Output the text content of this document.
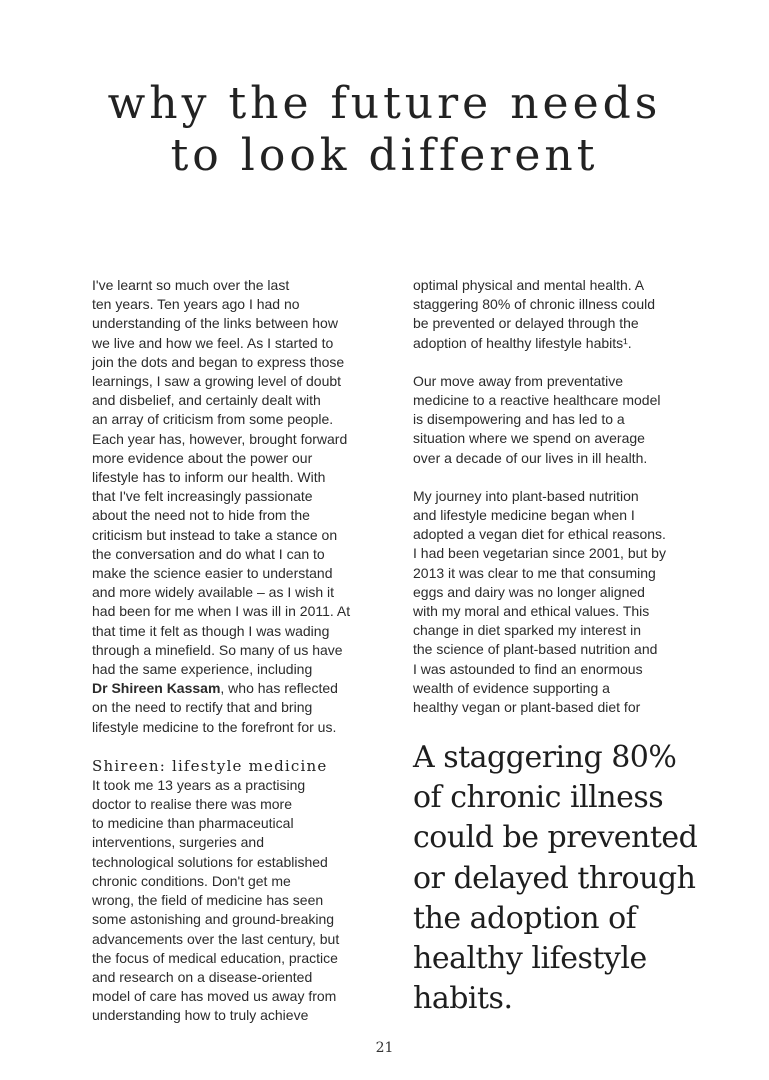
why the future needs
to look different

I've learnt so much over the last

ten years. Ten years ago I had no

understanding of the links between how

we live and how we feel. As I started to

join the dots and began to express those

learnings, I saw a growing level of doubt

and disbelief, and certainly dealt with

an array of criticism from some people.

Each year has, however, brought forward

more evidence about the power our

lifestyle has to inform our health. With

that I've felt increasingly passionate

about the need not to hide from the

criticism but instead to take a stance on

the conversation and do what I can to

make the science easier to understand

and more widely available – as I wish it

had been for me when I was ill in 2011. At

that time it felt as though I was wading

through a minefield. So many of us have

had the same experience, including

Dr Shireen Kassam, who has reflected

on the need to rectify that and bring

lifestyle medicine to the forefront for us.

Shireen: lifestyle medicine

It took me 13 years as a practising

doctor to realise there was more

to medicine than pharmaceutical

interventions, surgeries and

technological solutions for established

chronic conditions. Don't get me

wrong, the field of medicine has seen

some astonishing and ground-breaking

advancements over the last century, but

the focus of medical education, practice

and research on a disease-oriented

model of care has moved us away from

understanding how to truly achieve

optimal physical and mental health. A

staggering 80% of chronic illness could

be prevented or delayed through the

adoption of healthy lifestyle habits¹.

Our move away from preventative

medicine to a reactive healthcare model

is disempowering and has led to a

situation where we spend on average

over a decade of our lives in ill health.

My journey into plant-based nutrition

and lifestyle medicine began when I

adopted a vegan diet for ethical reasons.

I had been vegetarian since 2001, but by

2013 it was clear to me that consuming

eggs and dairy was no longer aligned

with my moral and ethical values. This

change in diet sparked my interest in

the science of plant-based nutrition and

I was astounded to find an enormous

wealth of evidence supporting a

healthy vegan or plant-based diet for

A staggering 80%

of chronic illness

could be prevented

or delayed through

the adoption of

healthy lifestyle

habits.

21
